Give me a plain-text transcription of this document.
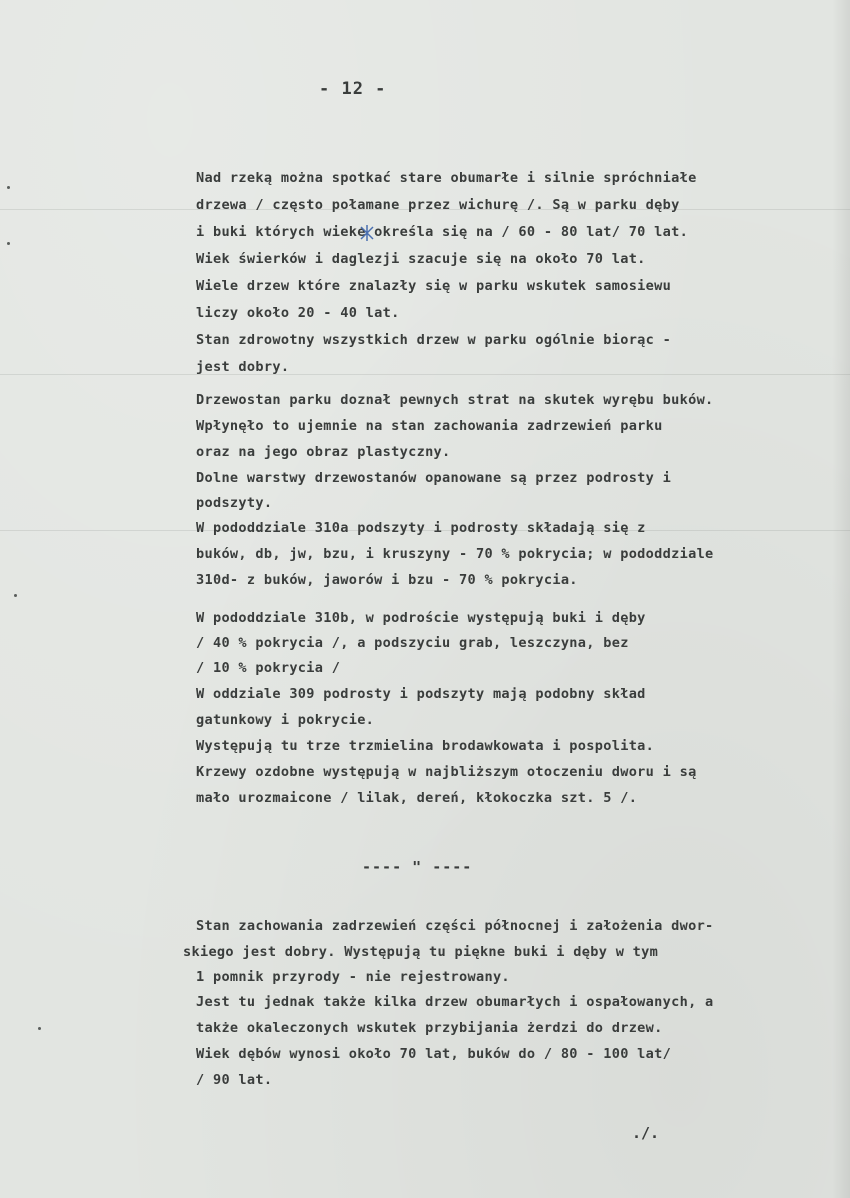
- 12 -
Nad rzeką można spotkać stare obumarłe i silnie spróchniałe
drzewa / często połamane przez wichurę /. Są w parku dęby
i buki których wieke określa się na / 60 - 80 lat/ 70 lat.
Wiek świerków i daglezji szacuje się na około 70 lat.
Wiele drzew które znalazły się w parku wskutek samosiewu
liczy około 20 - 40 lat.
Stan zdrowotny wszystkich drzew w parku ogólnie biorąc -
jest dobry.
Drzewostan parku doznał pewnych strat na skutek wyrębu buków.
Wpłynęło to ujemnie na stan zachowania zadrzewień parku
oraz na jego obraz plastyczny.
Dolne warstwy drzewostanów opanowane są przez podrosty i
podszyty.
W pododdziale 310a podszyty i podrosty składają się z
buków, db, jw, bzu, i kruszyny - 70 % pokrycia; w pododdziale
310d- z buków, jaworów i bzu - 70 % pokrycia.
W pododdziale 310b, w podroście występują buki i dęby
/ 40 % pokrycia /, a podszyciu grab, leszczyna, bez
/ 10 % pokrycia /
W oddziale 309 podrosty i podszyty mają podobny skład
gatunkowy i pokrycie.
Występują tu trze trzmielina brodawkowata i pospolita.
Krzewy ozdobne występują w najbliższym otoczeniu dworu i są
mało urozmaicone / lilak, dereń, kłokoczka szt. 5 /.
---- " ----
Stan zachowania zadrzewień części północnej i założenia dwor-
skiego jest dobry. Występują tu piękne buki i dęby w tym
1 pomnik przyrody - nie rejestrowany.
Jest tu jednak także kilka drzew obumarłych i ospałowanych, a
także okaleczonych wskutek przybijania żerdzi do drzew.
Wiek dębów wynosi około 70 lat, buków do / 80 - 100 lat/
/ 90 lat.
./.
